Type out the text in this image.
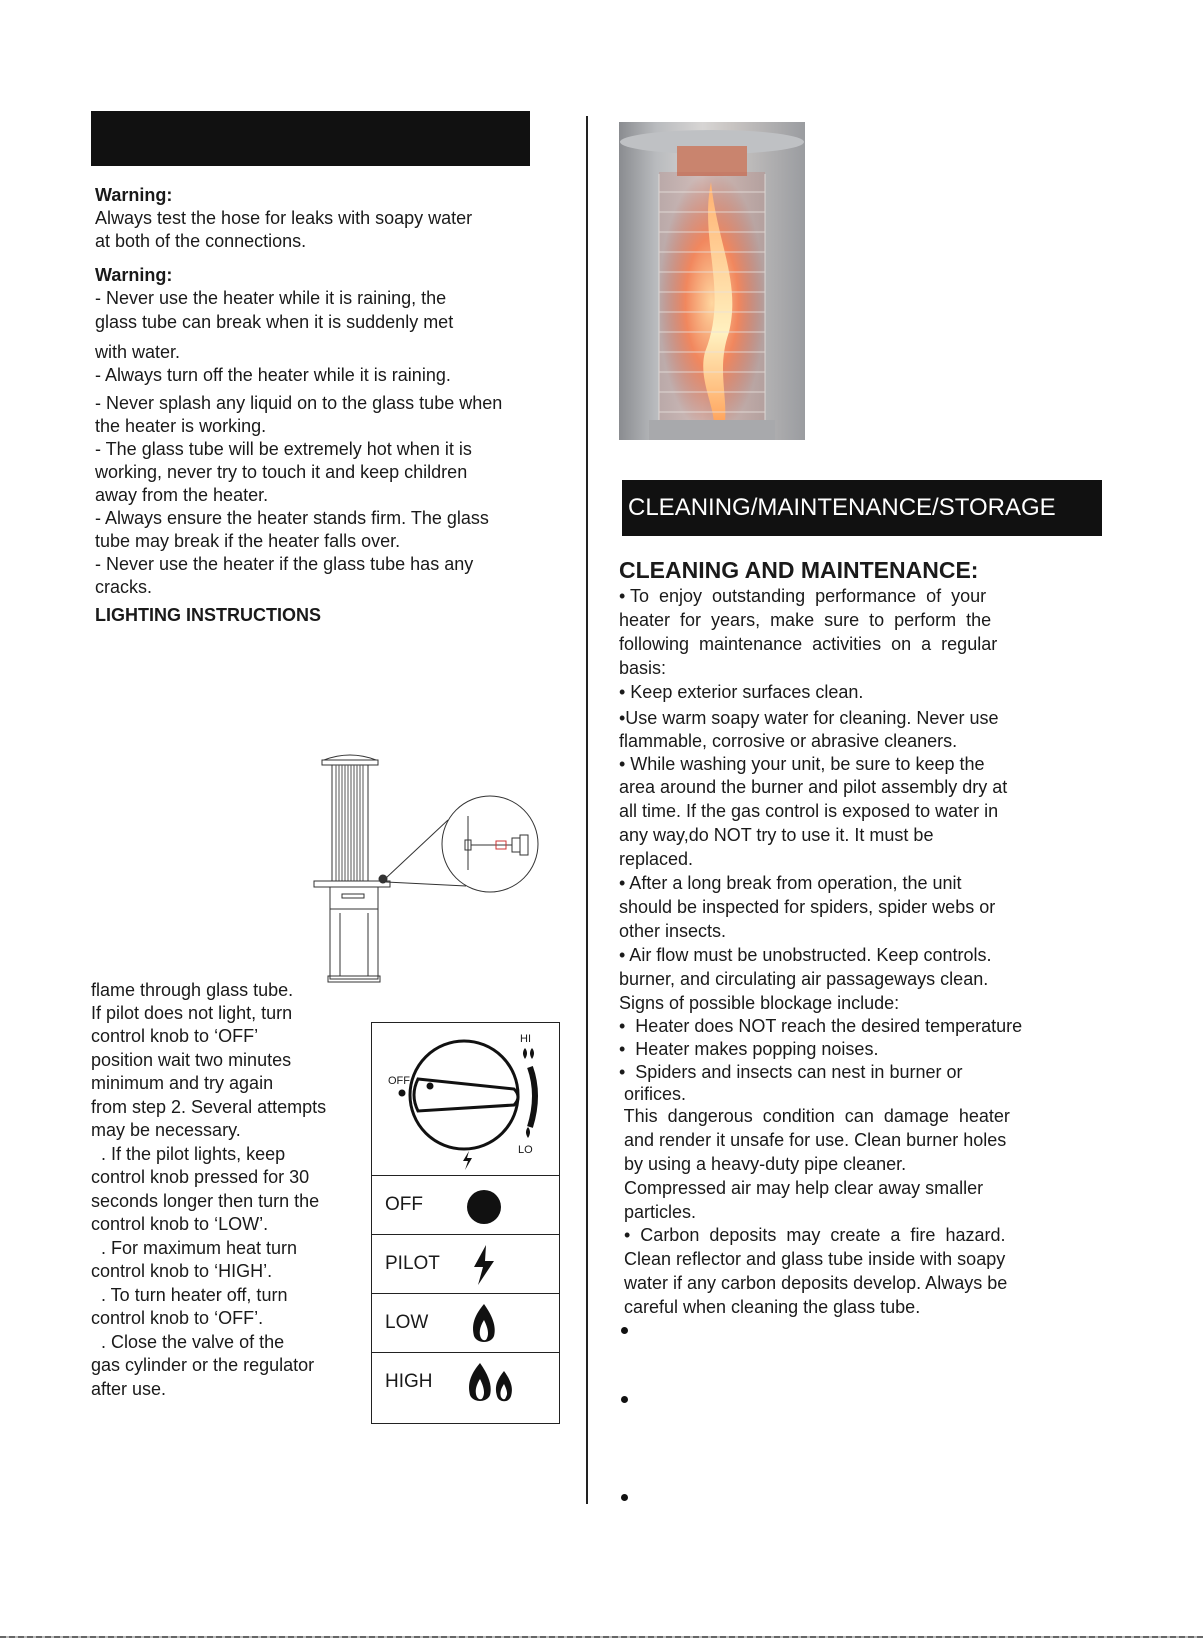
Warning:
Always test the hose for leaks with soapy water
at both of the connections.
Warning:
- Never use the heater while it is raining, the
glass tube can break when it is suddenly met
with water.
- Always turn off the heater while it is raining.
- Never splash any liquid on to the glass tube when
the heater is working.
- The glass tube will be extremely hot when it is
working, never try to touch it and keep children
away from the heater.
- Always ensure the heater stands firm. The glass
tube may break if the heater falls over.
- Never use the heater if the glass tube has any
cracks.
LIGHTING INSTRUCTIONS
flame through glass tube.
If pilot does not light, turn
control knob to ‘OFF’
position wait two minutes
minimum and try again
from step 2. Several attempts
may be necessary.
. If the pilot lights, keep
control knob pressed for 30
seconds longer then turn the
control knob to ‘LOW’.
. For maximum heat turn
control knob to ‘HIGH’.
. To turn heater off, turn
control knob to ‘OFF’.
. Close the valve of the
gas cylinder or the regulator
after use.
OFF
HI
LO
OFF
PILOT
LOW
HIGH
CLEANING/MAINTENANCE/STORAGE
CLEANING AND MAINTENANCE:
• To  enjoy  outstanding  performance  of  your
heater  for  years,  make  sure  to  perform  the
following  maintenance  activities  on  a  regular
basis:
• Keep exterior surfaces clean.
•Use warm soapy water for cleaning. Never use
flammable, corrosive or abrasive cleaners.
• While washing your unit, be sure to keep the
area around the burner and pilot assembly dry at
all time. If the gas control is exposed to water in
any way,do NOT try to use it. It must be
replaced.
• After a long break from operation, the unit
should be inspected for spiders, spider webs or
other insects.
• Air flow must be unobstructed. Keep controls.
burner, and circulating air passageways clean.
Signs of possible blockage include:
•  Heater does NOT reach the desired temperature
•  Heater makes popping noises.
•  Spiders and insects can nest in burner or
orifices.
This  dangerous  condition  can  damage  heater
and render it unsafe for use. Clean burner holes
by using a heavy-duty pipe cleaner.
Compressed air may help clear away smaller
particles.
•  Carbon  deposits  may  create  a  fire  hazard.
Clean reflector and glass tube inside with soapy
water if any carbon deposits develop. Always be
careful when cleaning the glass tube.
